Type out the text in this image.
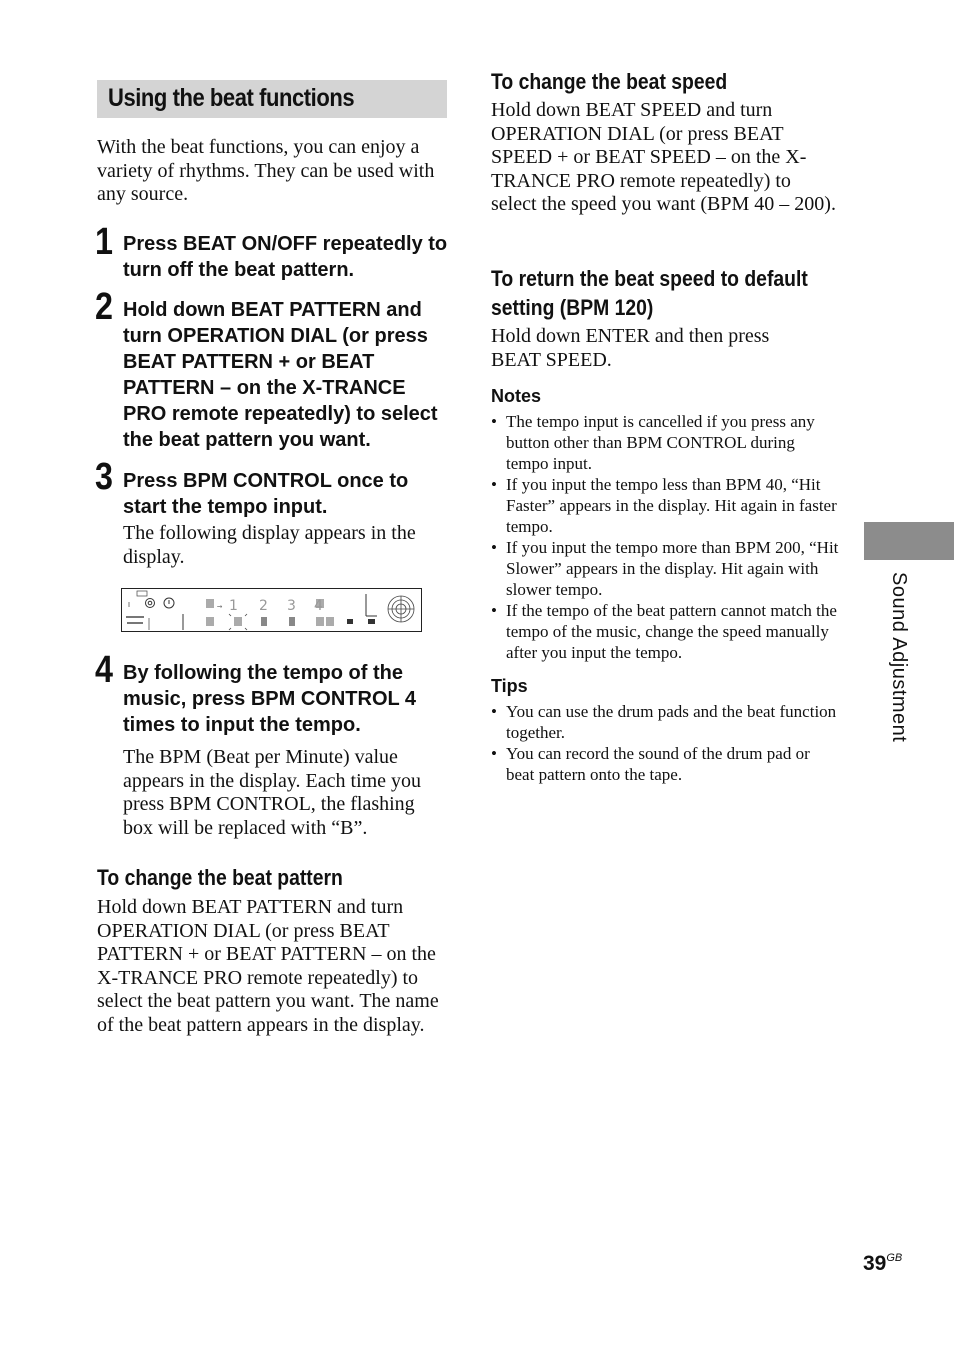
Using the beat functions
With the beat functions, you can enjoy a variety of rhythms. They can be used with any source.
1 Press BEAT ON/OFF repeatedly to turn off the beat pattern.
2 Hold down BEAT PATTERN and turn OPERATION DIAL (or press BEAT PATTERN + or BEAT PATTERN – on the X-TRANCE PRO remote repeatedly) to select the beat pattern you want.
3 Press BPM CONTROL once to start the tempo input.
The following display appears in the display.
→ 1 2 3 4
4 By following the tempo of the music, press BPM CONTROL 4 times to input the tempo.
The BPM (Beat per Minute) value appears in the display. Each time you press BPM CONTROL, the flashing box will be replaced with “B”.
To change the beat pattern
Hold down BEAT PATTERN and turn OPERATION DIAL (or press BEAT PATTERN + or BEAT PATTERN – on the X-TRANCE PRO remote repeatedly) to select the beat pattern you want. The name of the beat pattern appears in the display.
To change the beat speed
Hold down BEAT SPEED and turn OPERATION DIAL (or press BEAT SPEED + or BEAT SPEED – on the X-TRANCE PRO remote repeatedly) to select the speed you want (BPM 40 – 200).
To return the beat speed to default
setting (BPM 120)
Hold down ENTER and then press BEAT SPEED.
Notes
• The tempo input is cancelled if you press any button other than BPM CONTROL during tempo input.
• If you input the tempo less than BPM 40, “Hit Faster” appears in the display. Hit again in faster tempo.
• If you input the tempo more than BPM 200, “Hit Slower” appears in the display. Hit again with slower tempo.
• If the tempo of the beat pattern cannot match the tempo of the music, change the speed manually after you input the tempo.
Tips
• You can use the drum pads and the beat function together.
• You can record the sound of the drum pad or beat pattern onto the tape.
Sound Adjustment
$39^{GB}$
